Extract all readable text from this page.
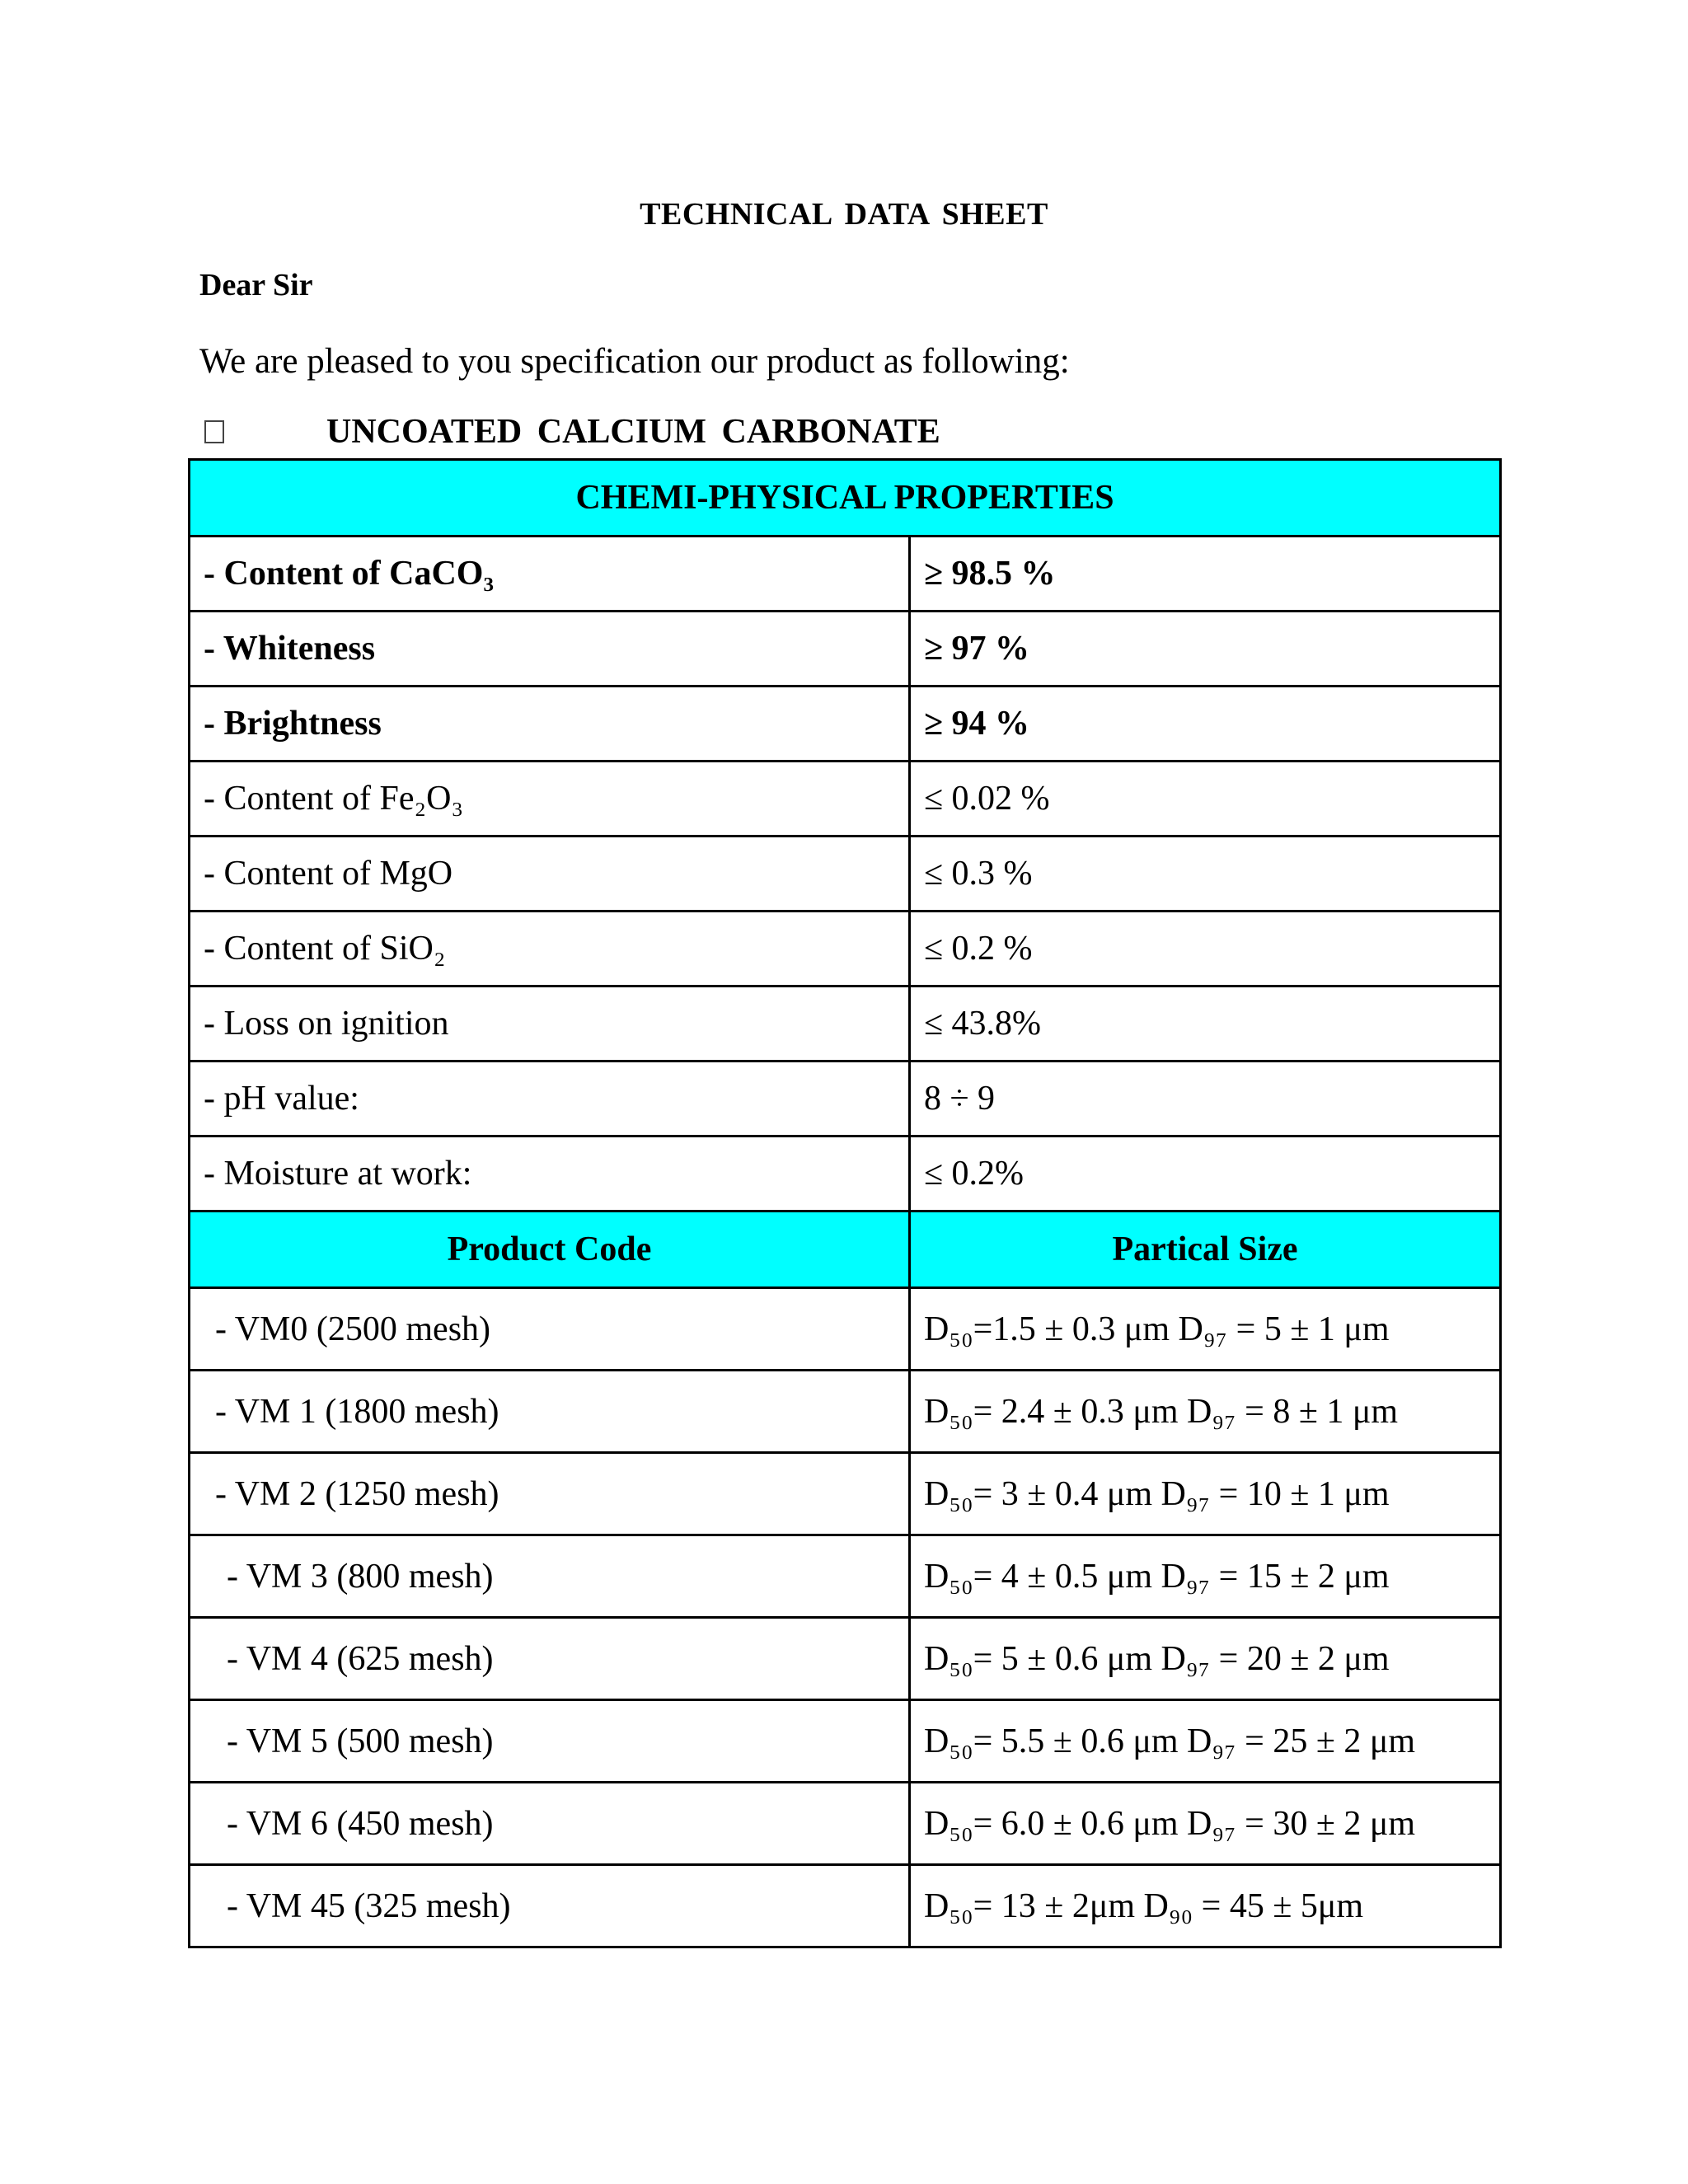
TECHNICAL DATA SHEET
Dear Sir
We are pleased to you specification our product as following:
UNCOATED CALCIUM CARBONATE
CHEMI-PHYSICAL PROPERTIES	
- Content of CaCO₃	≥ 98.5 %
- Whiteness	≥ 97 %
- Brightness	≥ 94 %
- Content of Fe₂O₃	≤ 0.02 %
- Content of MgO	≤ 0.3 %
- Content of SiO₂	≤ 0.2 %
- Loss on ignition	≤ 43.8%
- pH value:	8 ÷ 9
- Moisture at work:	≤ 0.2%
Product Code	Partical Size
- VM0 (2500 mesh)	D₅₀=1.5 ± 0.3 μm D₉₇ = 5 ± 1 μm
- VM 1 (1800 mesh)	D₅₀= 2.4 ± 0.3 μm D₉₇ = 8 ± 1 μm
- VM 2 (1250 mesh)	D₅₀= 3 ± 0.4 μm D₉₇ = 10 ± 1 μm
- VM 3 (800 mesh)	D₅₀= 4 ± 0.5 μm D₉₇ = 15 ± 2 μm
- VM 4 (625 mesh)	D₅₀= 5 ± 0.6 μm D₉₇ = 20 ± 2 μm
- VM 5 (500 mesh)	D₅₀= 5.5 ± 0.6 μm D₉₇ = 25 ± 2 μm
- VM 6 (450 mesh)	D₅₀= 6.0 ± 0.6 μm D₉₇ = 30 ± 2 μm
- VM 45 (325 mesh)	D₅₀= 13 ± 2μm D₉₀ = 45 ± 5μm
